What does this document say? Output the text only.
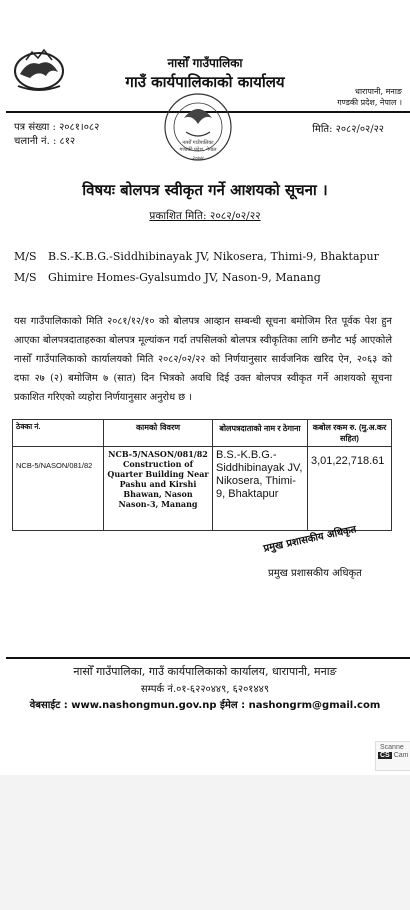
नासोँ गाउँपालिका
गाउँ कार्यपालिकाको कार्यालय
धारापानी, मनाङ
गण्डकी प्रदेश, नेपाल ।
नासोँ गाउँपालिका
गण्डकी प्रदेश, नेपाल
२०७४
पत्र संख्या : २०८१।०८२
चलानी नं. : ८१२
मिति: २०८२/०२/२२
विषयः बोलपत्र स्वीकृत गर्ने आशयको सूचना ।
प्रकाशित मिति: २०८२/०२/२२
M/S B.S.-K.B.G.-Siddhibinayak JV, Nikosera, Thimi-9, Bhaktapur
M/S Ghimire Homes-Gyalsumdo JV, Nason-9, Manang
यस गाउँपालिकाको मिति २०८१/१२/१० को बोलपत्र आव्हान सम्बन्धी सूचना बमोजिम रित पूर्वक पेश हुन आएका बोलपत्रदाताहरुका बोलपत्र मूल्यांकन गर्दा तपसिलको बोलपत्र स्वीकृतिका लागि छनौट भई आएकोले नासोँ गाउँपालिकाको कार्यालयको मिति २०८२/०२/२२ को निर्णयानुसार सार्वजनिक खरिद ऐन, २०६३ को दफा २७ (२) बमोजिम ७ (सात) दिन भित्रको अवधि दिई उक्त बोलपत्र स्वीकृत गर्ने आशयको सूचना प्रकाशित गरिएको व्यहोरा निर्णयानुसार अनुरोध छ ।
ठेक्का नं.	कामको विवरण	बोलपत्रदाताको नाम र ठेगाना	कबोल रकम रु. (मु.अ.कर सहित)
NCB-5/NASON/081/82	NCB-5/NASON/081/82 Construction of Quarter Building Near Pashu and Kirshi Bhawan, Nason Nason-3, Manang	B.S.-K.B.G.-Siddhibinayak JV, Nikosera, Thimi-9, Bhaktapur	3,01,22,718.61
प्रमुख प्रशासकीय अधिकृत
प्रमुख प्रशासकीय अधिकृत
नासोँ गाउँपालिका, गाउँ कार्यपालिकाको कार्यालय, धारापानी, मनाङ
सम्पर्क नं.०१-६२२०४४९, ६२०१४४९
वेबसाईट : www.nashongmun.gov.np ईमेल : nashongrm@gmail.com
Scanne
CS Cam
